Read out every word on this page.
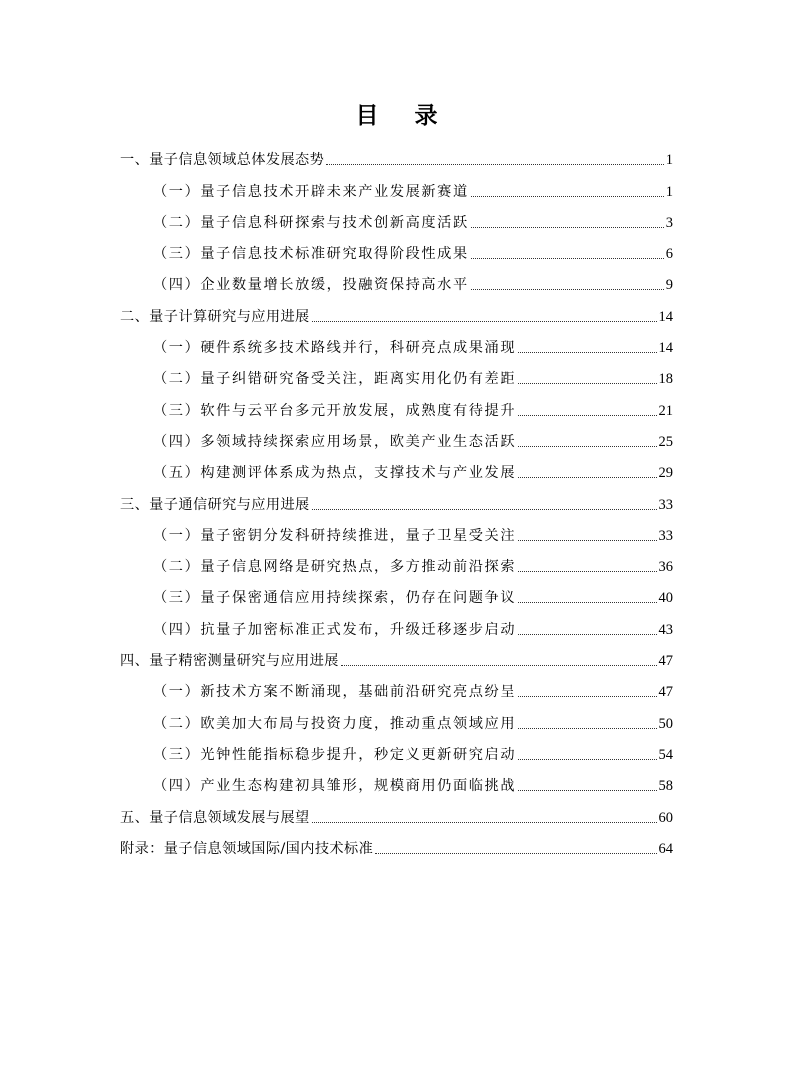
目 录
一、量子信息领域总体发展态势	1
（一）量子信息技术开辟未来产业发展新赛道	1
（二）量子信息科研探索与技术创新高度活跃	3
（三）量子信息技术标准研究取得阶段性成果	6
（四）企业数量增长放缓，投融资保持高水平	9
二、量子计算研究与应用进展	14
（一）硬件系统多技术路线并行，科研亮点成果涌现	14
（二）量子纠错研究备受关注，距离实用化仍有差距	18
（三）软件与云平台多元开放发展，成熟度有待提升	21
（四）多领域持续探索应用场景，欧美产业生态活跃	25
（五）构建测评体系成为热点，支撑技术与产业发展	29
三、量子通信研究与应用进展	33
（一）量子密钥分发科研持续推进，量子卫星受关注	33
（二）量子信息网络是研究热点，多方推动前沿探索	36
（三）量子保密通信应用持续探索，仍存在问题争议	40
（四）抗量子加密标准正式发布，升级迁移逐步启动	43
四、量子精密测量研究与应用进展	47
（一）新技术方案不断涌现，基础前沿研究亮点纷呈	47
（二）欧美加大布局与投资力度，推动重点领域应用	50
（三）光钟性能指标稳步提升，秒定义更新研究启动	54
（四）产业生态构建初具雏形，规模商用仍面临挑战	58
五、量子信息领域发展与展望	60
附录：量子信息领域国际/国内技术标准	64
